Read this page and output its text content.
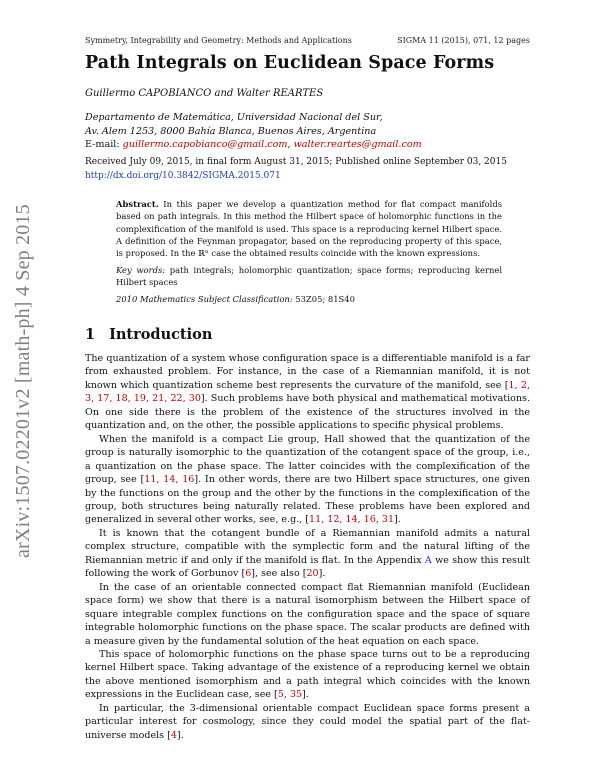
Symmetry, Integrability and Geometry: Methods and Applications	SIGMA 11 (2015), 071, 12 pages
Path Integrals on Euclidean Space Forms
Guillermo CAPOBIANCO and Walter REARTES
Departamento de Matemática, Universidad Nacional del Sur,
Av. Alem 1253, 8000 Bahía Blanca, Buenos Aires, Argentina
E-mail: guillermo.capobianco@gmail.com, walter.reartes@gmail.com
Received July 09, 2015, in final form August 31, 2015; Published online September 03, 2015
http://dx.doi.org/10.3842/SIGMA.2015.071
Abstract. In this paper we develop a quantization method for flat compact manifolds based on path integrals. In this method the Hilbert space of holomorphic functions in the complexification of the manifold is used. This space is a reproducing kernel Hilbert space. A definition of the Feynman propagator, based on the reproducing property of this space, is proposed. In the ℝⁿ case the obtained results coincide with the known expressions.
Key words: path integrals; holomorphic quantization; space forms; reproducing kernel Hilbert spaces
2010 Mathematics Subject Classification: 53Z05; 81S40
1 Introduction

The quantization of a system whose configuration space is a differentiable manifold is a far from exhausted problem. For instance, in the case of a Riemannian manifold, it is not known which quantization scheme best represents the curvature of the manifold, see [1, 2, 3, 17, 18, 19, 21, 22, 30]. Such problems have both physical and mathematical motivations. On one side there is the problem of the existence of the structures involved in the quantization and, on the other, the possible applications to specific physical problems.

When the manifold is a compact Lie group, Hall showed that the quantization of the group is naturally isomorphic to the quantization of the cotangent space of the group, i.e., a quantization on the phase space. The latter coincides with the complexification of the group, see [11, 14, 16]. In other words, there are two Hilbert space structures, one given by the functions on the group and the other by the functions in the complexification of the group, both structures being naturally related. These problems have been explored and generalized in several other works, see, e.g., [11, 12, 14, 16, 31].

It is known that the cotangent bundle of a Riemannian manifold admits a natural complex structure, compatible with the symplectic form and the natural lifting of the Riemannian metric if and only if the manifold is flat. In the Appendix A we show this result following the work of Gorbunov [6], see also [20].

In the case of an orientable connected compact flat Riemannian manifold (Euclidean space form) we show that there is a natural isomorphism between the Hilbert space of square integrable complex functions on the configuration space and the space of square integrable holomorphic functions on the phase space. The scalar products are defined with a measure given by the fundamental solution of the heat equation on each space.

This space of holomorphic functions on the phase space turns out to be a reproducing kernel Hilbert space. Taking advantage of the existence of a reproducing kernel we obtain the above mentioned isomorphism and a path integral which coincides with the known expressions in the Euclidean case, see [5, 35].

In particular, the 3-dimensional orientable compact Euclidean space forms present a particular interest for cosmology, since they could model the spatial part of the flat-universe models [4].

arXiv:1507.02201v2 [math-ph] 4 Sep 2015
